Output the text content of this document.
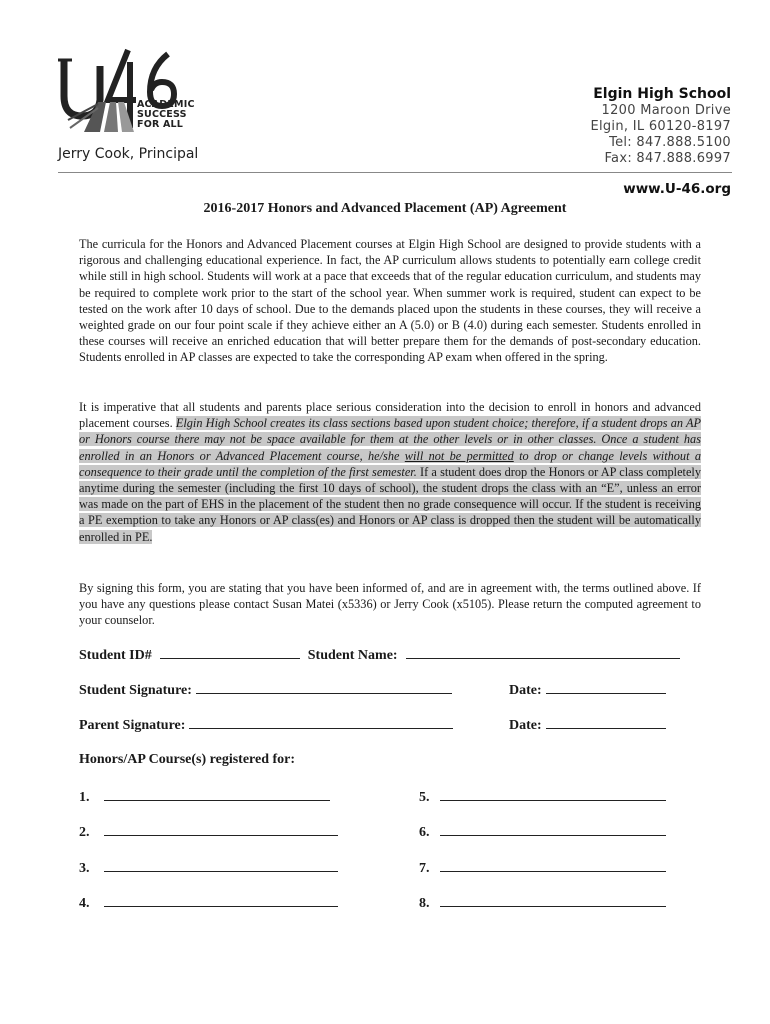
ACADEMIC
SUCCESS
FOR ALL
Jerry Cook, Principal
Elgin High School
1200 Maroon Drive
Elgin, IL 60120-8197
Tel: 847.888.5100
Fax: 847.888.6997
www.U-46.org
2016-2017 Honors and Advanced Placement (AP) Agreement
The curricula for the Honors and Advanced Placement courses at Elgin High School are designed to provide students with a rigorous and challenging educational experience. In fact, the AP curriculum allows students to potentially earn college credit while still in high school. Students will work at a pace that exceeds that of the regular education curriculum, and students may be required to complete work prior to the start of the school year. When summer work is required, student can expect to be tested on the work after 10 days of school. Due to the demands placed upon the students in these courses, they will receive a weighted grade on our four point scale if they achieve either an A (5.0) or B (4.0) during each semester. Students enrolled in these courses will receive an enriched education that will better prepare them for the demands of post-secondary education. Students enrolled in AP classes are expected to take the corresponding AP exam when offered in the spring.
It is imperative that all students and parents place serious consideration into the decision to enroll in honors and advanced placement courses. Elgin High School creates its class sections based upon student choice; therefore, if a student drops an AP or Honors course there may not be space available for them at the other levels or in other classes. Once a student has enrolled in an Honors or Advanced Placement course, he/she will not be permitted to drop or change levels without a consequence to their grade until the completion of the first semester. If a student does drop the Honors or AP class completely anytime during the semester (including the first 10 days of school), the student drops the class with an “E”, unless an error was made on the part of EHS in the placement of the student then no grade consequence will occur. If the student is receiving a PE exemption to take any Honors or AP class(es) and Honors or AP class is dropped then the student will be automatically enrolled in PE.
By signing this form, you are stating that you have been informed of, and are in agreement with, the terms outlined above. If you have any questions please contact Susan Matei (x5336) or Jerry Cook (x5105). Please return the computed agreement to your counselor.
Student ID#	Student Name:
Student Signature:	Date:
Parent Signature:	Date:
Honors/AP Course(s) registered for:
1.
2.
3.
4.
5.
6.
7.
8.
